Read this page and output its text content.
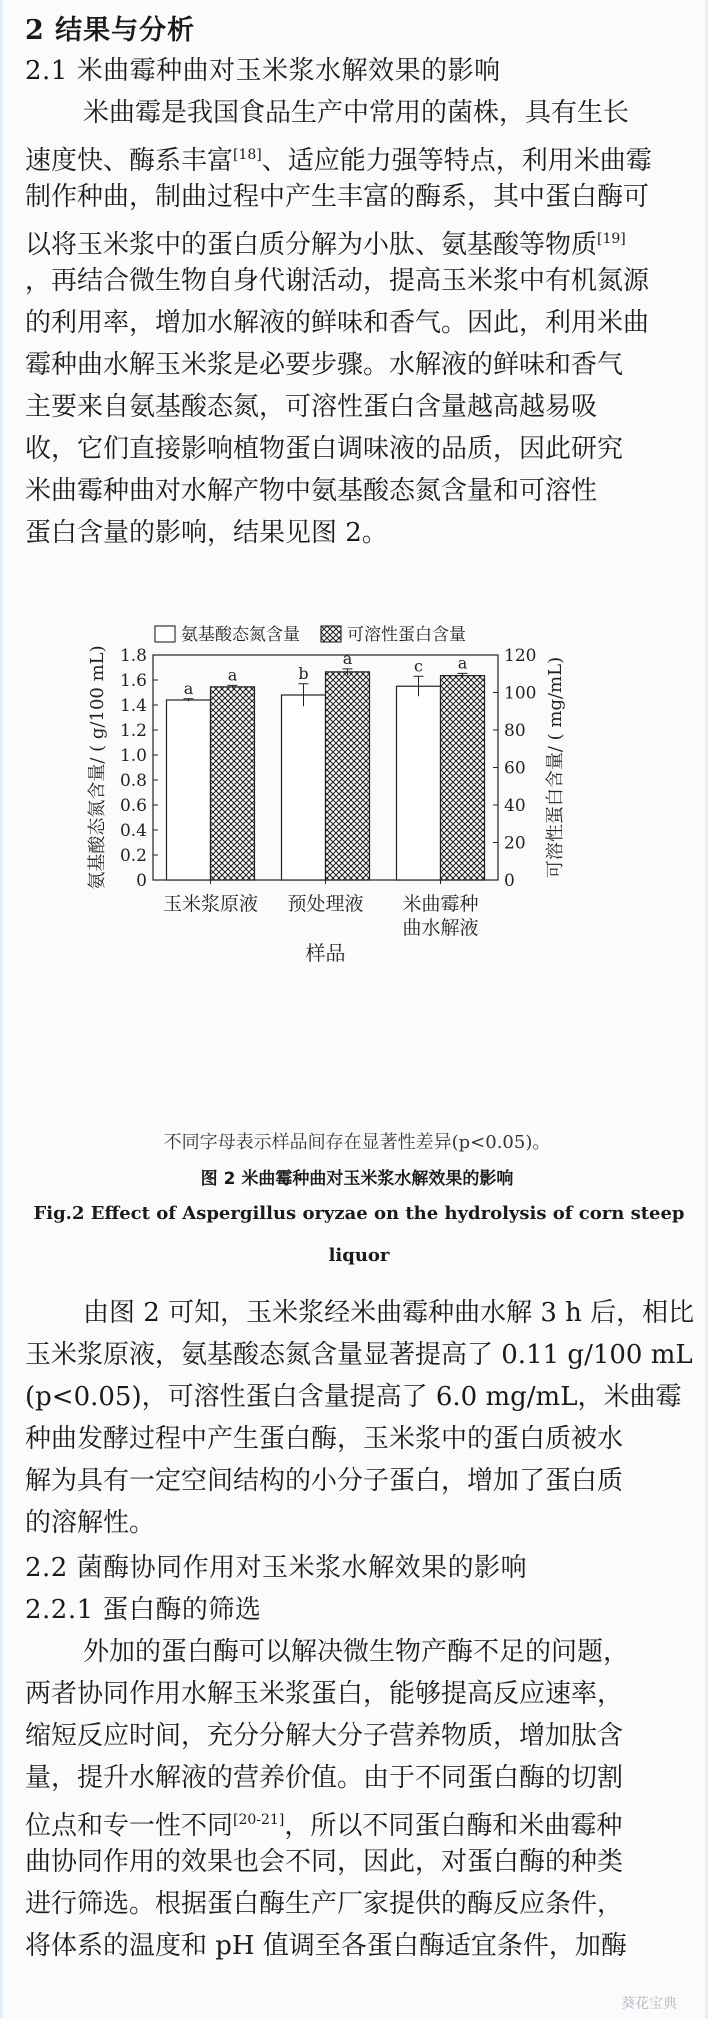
2 结果与分析
2.1 米曲霉种曲对玉米浆水解效果的影响
米曲霉是我国食品生产中常用的菌株，具有生长
速度快、酶系丰富[18]、适应能力强等特点，利用米曲霉
制作种曲，制曲过程中产生丰富的酶系，其中蛋白酶可
以将玉米浆中的蛋白质分解为小肽、氨基酸等物质[19]
，再结合微生物自身代谢活动，提高玉米浆中有机氮源
的利用率，增加水解液的鲜味和香气。因此，利用米曲
霉种曲水解玉米浆是必要步骤。水解液的鲜味和香气
主要来自氨基酸态氮，可溶性蛋白含量越高越易吸
收，它们直接影响植物蛋白调味液的品质，因此研究
米曲霉种曲对水解产物中氨基酸态氮含量和可溶性
蛋白含量的影响，结果见图 2。
0
0.2
0.4
0.6
0.8
1.0
1.2
1.4
1.6
1.8
0
20
40
60
80
100
120
a
a
玉米浆原液
b
a
预处理液
c a
米曲霉种
曲水解液
样品
氨基酸态氮含量/ ( g/100 mL)	可溶性蛋白含量/ ( mg/mL)
氨基酸态氮含量	可溶性蛋白含量
不同字母表示样品间存在显著性差异(p<0.05)。
图 2 米曲霉种曲对玉米浆水解效果的影响
Fig.2 Effect of Aspergillus oryzae on the hydrolysis of corn steep
liquor
由图 2 可知，玉米浆经米曲霉种曲水解 3 h 后，相比
玉米浆原液，氨基酸态氮含量显著提高了 0.11 g/100 mL
(p<0.05)，可溶性蛋白含量提高了 6.0 mg/mL，米曲霉
种曲发酵过程中产生蛋白酶，玉米浆中的蛋白质被水
解为具有一定空间结构的小分子蛋白，增加了蛋白质
的溶解性。
2.2 菌酶协同作用对玉米浆水解效果的影响
2.2.1 蛋白酶的筛选
外加的蛋白酶可以解决微生物产酶不足的问题，
两者协同作用水解玉米浆蛋白，能够提高反应速率，
缩短反应时间，充分分解大分子营养物质，增加肽含
量，提升水解液的营养价值。由于不同蛋白酶的切割
位点和专一性不同[20-21]，所以不同蛋白酶和米曲霉种
曲协同作用的效果也会不同，因此，对蛋白酶的种类
进行筛选。根据蛋白酶生产厂家提供的酶反应条件，
将体系的温度和 pH 值调至各蛋白酶适宜条件，加酶
葵花宝典
